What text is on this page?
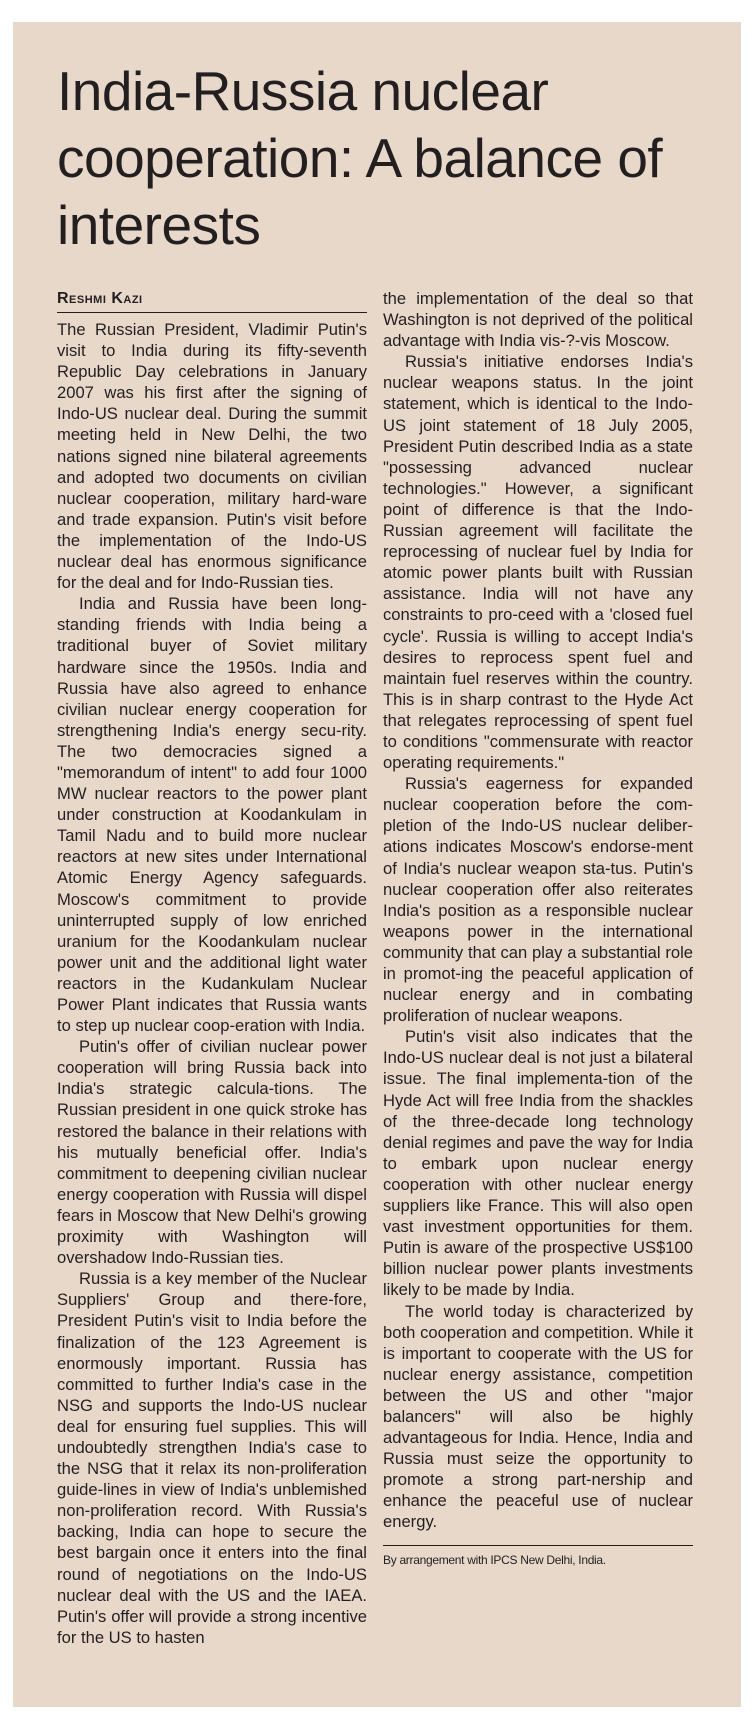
India-Russia nuclear cooperation: A balance of interests
Reshmi Kazi

The Russian President, Vladimir Putin's visit to India during its fifty-seventh Republic Day celebrations in January 2007 was his first after the signing of Indo-US nuclear deal. During the summit meeting held in New Delhi, the two nations signed nine bilateral agreements and adopted two documents on civilian nuclear cooperation, military hard-ware and trade expansion. Putin's visit before the implementation of the Indo-US nuclear deal has enormous significance for the deal and for Indo-Russian ties.

India and Russia have been long-standing friends with India being a traditional buyer of Soviet military hardware since the 1950s. India and Russia have also agreed to enhance civilian nuclear energy cooperation for strengthening India's energy secu-rity. The two democracies signed a "memorandum of intent" to add four 1000 MW nuclear reactors to the power plant under construction at Koodankulam in Tamil Nadu and to build more nuclear reactors at new sites under International Atomic Energy Agency safeguards. Moscow's commitment to provide uninterrupted supply of low enriched uranium for the Koodankulam nuclear power unit and the additional light water reactors in the Kudankulam Nuclear Power Plant indicates that Russia wants to step up nuclear coop-eration with India.

Putin's offer of civilian nuclear power cooperation will bring Russia back into India's strategic calcula-tions. The Russian president in one quick stroke has restored the balance in their relations with his mutually beneficial offer. India's commitment to deepening civilian nuclear energy cooperation with Russia will dispel fears in Moscow that New Delhi's growing proximity with Washington will overshadow Indo-Russian ties.

Russia is a key member of the Nuclear Suppliers' Group and there-fore, President Putin's visit to India before the finalization of the 123 Agreement is enormously important. Russia has committed to further India's case in the NSG and supports the Indo-US nuclear deal for ensuring fuel supplies. This will undoubtedly strengthen India's case to the NSG that it relax its non-proliferation guide-lines in view of India's unblemished non-proliferation record. With Russia's backing, India can hope to secure the best bargain once it enters into the final round of negotiations on the Indo-US nuclear deal with the US and the IAEA. Putin's offer will provide a strong incentive for the US to hasten

the implementation of the deal so that Washington is not deprived of the political advantage with India vis-?-vis Moscow.

Russia's initiative endorses India's nuclear weapons status. In the joint statement, which is identical to the Indo-US joint statement of 18 July 2005, President Putin described India as a state "possessing advanced nuclear technologies." However, a significant point of difference is that the Indo-Russian agreement will facilitate the reprocessing of nuclear fuel by India for atomic power plants built with Russian assistance. India will not have any constraints to pro-ceed with a 'closed fuel cycle'. Russia is willing to accept India's desires to reprocess spent fuel and maintain fuel reserves within the country. This is in sharp contrast to the Hyde Act that relegates reprocessing of spent fuel to conditions "commensurate with reactor operating requirements."

Russia's eagerness for expanded nuclear cooperation before the com-pletion of the Indo-US nuclear deliber-ations indicates Moscow's endorse-ment of India's nuclear weapon sta-tus. Putin's nuclear cooperation offer also reiterates India's position as a responsible nuclear weapons power in the international community that can play a substantial role in promot-ing the peaceful application of nuclear energy and in combating proliferation of nuclear weapons.

Putin's visit also indicates that the Indo-US nuclear deal is not just a bilateral issue. The final implementa-tion of the Hyde Act will free India from the shackles of the three-decade long technology denial regimes and pave the way for India to embark upon nuclear energy cooperation with other nuclear energy suppliers like France. This will also open vast investment opportunities for them. Putin is aware of the prospective US$100 billion nuclear power plants investments likely to be made by India.

The world today is characterized by both cooperation and competition. While it is important to cooperate with the US for nuclear energy assistance, competition between the US and other "major balancers" will also be highly advantageous for India. Hence, India and Russia must seize the opportunity to promote a strong part-nership and enhance the peaceful use of nuclear energy.

By arrangement with IPCS New Delhi, India.
